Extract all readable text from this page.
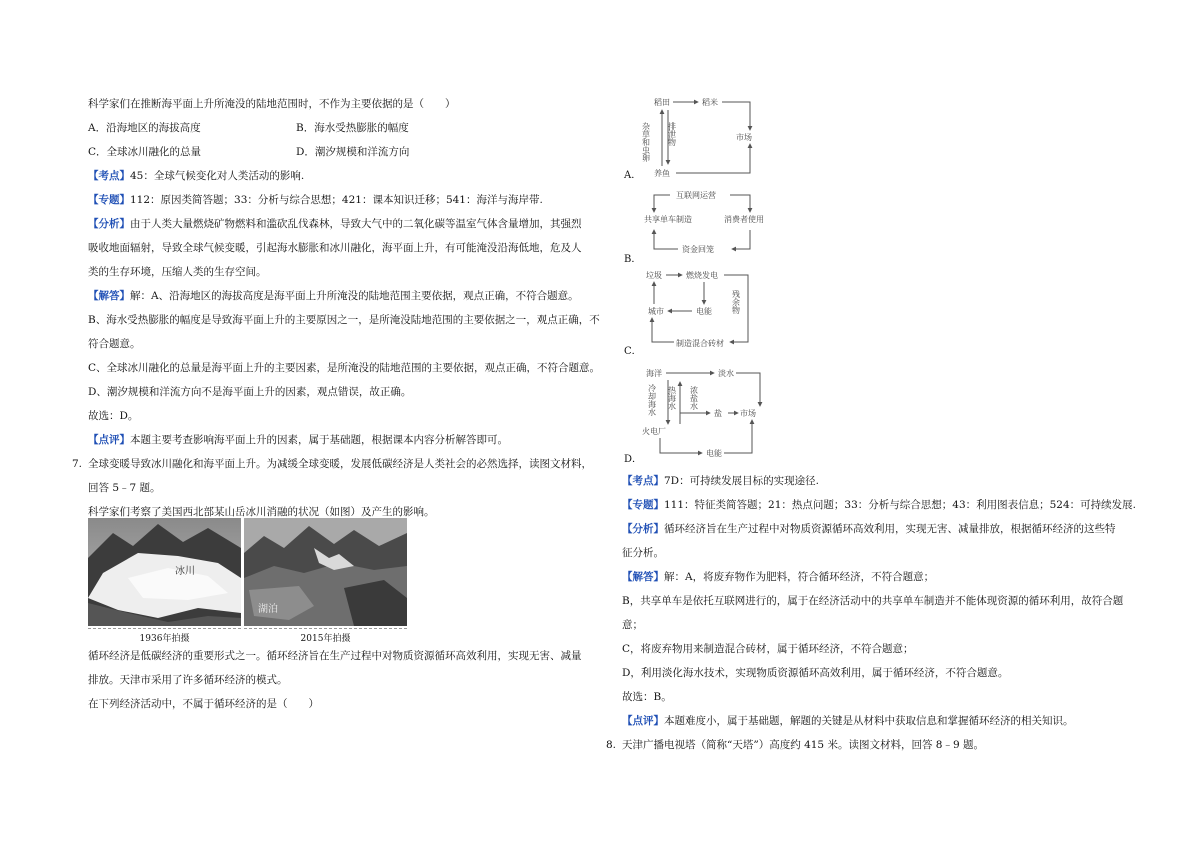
科学家们在推断海平面上升所淹没的陆地范围时，不作为主要依据的是（　　）
A．沿海地区的海拔高度	B．海水受热膨胀的幅度
C．全球冰川融化的总量	D．潮汐规模和洋流方向
【考点】45：全球气候变化对人类活动的影响.
【专题】112：原因类简答题；33：分析与综合思想；421：课本知识迁移；541：海洋与海岸带.
【分析】由于人类大量燃烧矿物燃料和滥砍乱伐森林，导致大气中的二氧化碳等温室气体含量增加，其强烈
吸收地面辐射，导致全球气候变暖，引起海水膨胀和冰川融化，海平面上升，有可能淹没沿海低地，危及人
类的生存环境，压缩人类的生存空间。
【解答】解：A、沿海地区的海拔高度是海平面上升所淹没的陆地范围主要依据，观点正确，不符合题意。
B、海水受热膨胀的幅度是导致海平面上升的主要原因之一，是所淹没陆地范围的主要依据之一，观点正确，不
符合题意。
C、全球冰川融化的总量是海平面上升的主要因素，是所淹没的陆地范围的主要依据，观点正确，不符合题意。
D、潮汐规模和洋流方向不是海平面上升的因素，观点错误，故正确。
故选：D。
【点评】本题主要考查影响海平面上升的因素，属于基础题，根据课本内容分析解答即可。
7. 全球变暖导致冰川融化和海平面上升。为减缓全球变暖，发展低碳经济是人类社会的必然选择，读图文材料，
回答 5﹣7 题。
科学家们考察了美国西北部某山岳冰川消融的状况（如图）及产生的影响。
冰川
湖泊
1936年拍摄	2015年拍摄
循环经济是低碳经济的重要形式之一。循环经济旨在生产过程中对物质资源循环高效利用，实现无害、减量
排放。天津市采用了许多循环经济的模式。
在下列经济活动中，不属于循环经济的是（　　）
A．
稻田	稻米
市场
养鱼
杂草和虫卵 排泄物
B．
互联网运营
共享单车制造	消费者使用
资金回笼
C．
垃圾	燃烧发电
城市	电能 残余物
制造混合砖材
D．
海洋	淡水
盐 市场
火电厂
电能
冷却海水 热海水 浓盐水
【考点】7D：可持续发展目标的实现途径.
【专题】111：特征类简答题；21：热点问题；33：分析与综合思想；43：利用图表信息；524：可持续发展.
【分析】循环经济旨在生产过程中对物质资源循环高效利用，实现无害、减量排放，根据循环经济的这些特
征分析。
【解答】解：A，将废弃物作为肥料，符合循环经济，不符合题意；
B，共享单车是依托互联网进行的，属于在经济活动中的共享单车制造并不能体现资源的循环利用，故符合题
意；
C，将废弃物用来制造混合砖材，属于循环经济，不符合题意；
D，利用淡化海水技术，实现物质资源循环高效利用，属于循环经济，不符合题意。
故选：B。
【点评】本题难度小，属于基础题，解题的关键是从材料中获取信息和掌握循环经济的相关知识。
8. 天津广播电视塔（简称“天塔”）高度约 415 米。读图文材料，回答 8﹣9 题。
